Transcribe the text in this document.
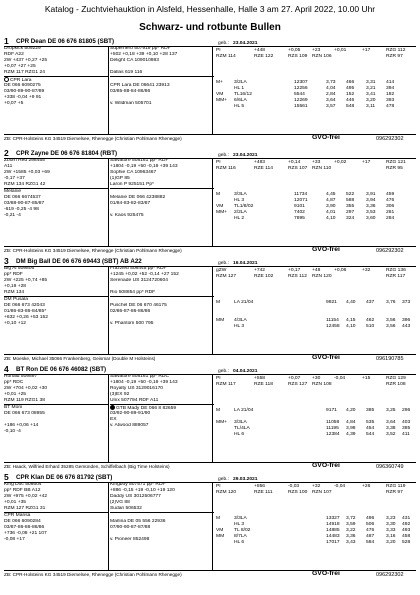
Katalog - Zuchtviehauktion in Alsfeld, Hessenhalle, Halle 3 am 27. April 2022, 10.00 Uhr
Schwarz- und rotbunte Bullen
1 CPR Dean DE 06 676 81805 (SBT)	geb.: 23.04.2021
Dropkick 509229
RDF A22
2W +437 +0,27 +25
+0,07 +27 +25
RZM 117 RZG1 24
CPR Lara
DE 066 6090275
03/90-89-90-87/89
+338 -0,04 +9 91
+0,07 +5
Superhero 507919 pp* RDF
+502 +0,18 +39 +0,10 +28 137
Delight CA 109010983
Dallas 619 116
CPR Lara DE 06641 23913
03/85-88-84-86/86
v. Wildman 505701
PI	+448	+0,05 +23	+0,01	+17	RZG 112
RZM 114	RZE 122	RZS 109 RZN 106	RZR 97
M+ 3/2LA	12307	3,73 466 3,31 414
HL 1	12256	4,04 495 3,21 394
VM TL16/12	5544	2,84 152 3,41 182
MM+ 6/6LA	12269	3,64 446 3,20 393
HL 5	15561	3,57 548 3,11 478
ZB: CPR-Holsteins KG 34519 Diemelsee, Rhenegge (Christian Pohlmann Rhenegge)	GVO-frei	096292302
2 CPR Zayne DE 06 676 81804 (RBT)	geb.: 23.04.2021
Zborn Red 298455
A11
2W +1585 +0,03 +69
-0,17 +37
RZM 134 RZG1 42
Melanie
DE 066 6674537
03/88-90-87-85/87
-619 -0,25 -4 98
-0,21 -4
Salvatore 508161 pp* RDF
+1804 -0,19 +50 -0,19 +39 143
Sophie CA 10963467
(1)GP 85
Laron P 925151 Pp*
Melanie DE 066 4238882
01/84-83-82-83/87
v. Kaos 925475
PI	+483	+0,14 +33	+0,02	+17	RZG 121
RZM 116	RZE 114	RZS 107 RZN 110	RZR 95
M	3/3LA	11734	4,45 522 3,91 459
HL 3	12071	4,87 588 3,94 476
VM TL1/8/02	9101	3,90 355 3,36 306
MM+ 2/2LA	7402	4,01 297 3,53 261
HL 2	7895	4,10 324 3,60 284
ZB: CPR-Holsteins KG 34519 Diemelsee, Rhenegge (Christian Pohlmann Rhenegge)	GVO-frei	096292302
3 DM Big Ball DE 06 676 69443 (SBT) AB A22	geb.: 16.04.2021
Big Al 509806
pp* RDF
2W +225 +0,74 +85
+0,19 +28
RZM 134
DM Pusala
DE 066 673 42043
01/86-83-86-84/85*
+632 +0,26 +53 152
+0,10 +12
Frazzled 508445 pp* RDF
+1245 +0,02 +52 -0,14 +27 152
Serenade US 3124720604
Rio 508854 pp* RDF
Puschel DE 06 670 46175
02/86-87-86-86/86
v. Phantom 500 795
gZW	+742	+0,17 +48	+0,06	+32	RZG 136
RZM 127	RZE 102	RZS 112 RZN 120	RZR 117
M	LA 21/04	9921 4,40 437 3,76 373
MM 4/3LA	11154 4,15 462 3,56 396
HL 3	12458 4,10 510 3,56 443
ZB: Moeske, Michael 35066 Frankenberg, Geismar (Double M Holsteins)	GVO-frei	096190785
4 BT Ron DE 06 676 46082 (SBT)	geb.: 04.04.2021
Ronald 509897
pp* RDC
2W +704 +0,02 +30
+0,01 +25
RZM 119 RZG1 38
BT Moni
DE 066 673 08955
+186 +0,06 +14
-0,10 -4
Salvatore 508161 pp* RDC
+1804 -0,19 +50 -0,19 +39 143
Royalty US 3129016170
(3)EX 92
Unix 507794 RDF A11
GTB Mady DE 066 8 82659
03/92-90-89-91/90
EX
v. Atwood 889057
PI	+558	+0,07 +30	-0,04	+15	RZG 129
RZM 117	RZE 118	RZS 127 RZN 108	RZR 108
M	LA 21/04	9171 4,20 385 3,25 296
MM+ 3/3LA	11058 4,84 535 3,64 403
TL/4LA	11195 3,98 454 3,38 385
HL 6	12384 4,39 544 3,52 411
ZB: Haack, Wilfried Erhard 35285 Gemünden, Schiffelbach (Big Time Holsteins)	GVO-frei	096360749
5 CPR Klan DE 06 676 81792 (SBT)	geb.: 29.03.2021
King Doc 508604
pp* RDF BB A12
2W +975 +0,02 +42
+0,01 +35
RZM 127 RZG1 31
CPR Marisa
DE 066 6090284
03/87-86-86-86/86
+736 -0,08 +21 107
-0,08 +17
Kingboy 507571 pp* RDF
+886 -0,15 +19 -0,10 +19 120
Daddy US 3012506777
(2)VG 88
Sudan 506532
Marlina DE 05 556 22936
07/90-90-87-87/88
v. Pioneer 852498
PI	+856	-0,03	+32	-0,04	+26	RZG 119
RZM 120	RZE 111	RZS 100 RZN 107	RZR 97
M	3/3LA	13327 3,72 496 3,23 431
HL 3	14918 3,59 506 3,30 492
VM TL 8/02	14885 3,22 476 3,33 493
MM 8/7LA	14483 3,36 487 3,16 458
HL 6	17017 3,43 584 3,20 528
ZB: CPR-Holsteins KG 34519 Diemelsee, Rhenegge (Christian Pohlmann Rhenegge)	GVO-frei	096292302
